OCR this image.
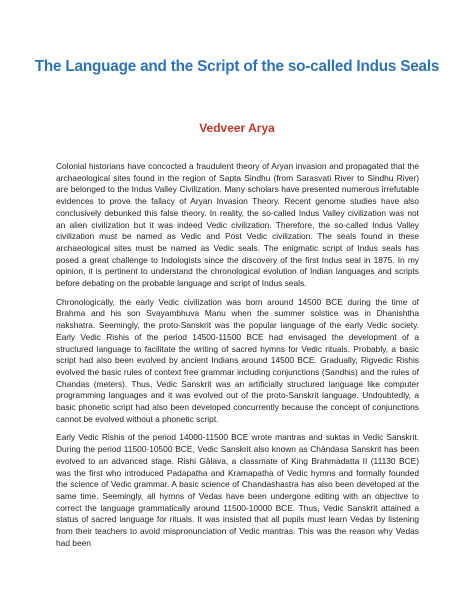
The Language and the Script of the so-called Indus Seals
Vedveer Arya

Colonial historians have concocted a fraudulent theory of Aryan invasion and propagated that the archaeological sites found in the region of Sapta Sindhu (from Sarasvati River to Sindhu River) are belonged to the Indus Valley Civilization. Many scholars have presented numerous irrefutable evidences to prove the fallacy of Aryan Invasion Theory. Recent genome studies have also conclusively debunked this false theory. In reality, the so-called Indus Valley civilization was not an alien civilization but it was indeed Vedic civilization. Therefore, the so-called Indus Valley civilization must be named as Vedic and Post Vedic civilization. The seals found in these archaeological sites must be named as Vedic seals. The enigmatic script of Indus seals has posed a great challenge to Indologists since the discovery of the first Indus seal in 1875. In my opinion, it is pertinent to understand the chronological evolution of Indian languages and scripts before debating on the probable language and script of Indus seals.

Chronologically, the early Vedic civilization was born around 14500 BCE during the time of Brahma and his son Svayambhuva Manu when the summer solstice was in Dhanishtha nakshatra. Seemingly, the proto-Sanskrit was the popular language of the early Vedic society. Early Vedic Rishis of the period 14500-11500 BCE had envisaged the development of a structured language to facilitate the writing of sacred hymns for Vedic rituals. Probably, a basic script had also been evolved by ancient Indians around 14500 BCE. Gradually, Rigvedic Rishis evolved the basic rules of context free grammar including conjunctions (Sandhis) and the rules of Chandas (meters). Thus, Vedic Sanskrit was an artificially structured language like computer programming languages and it was evolved out of the proto-Sanskrit language. Undoubtedly, a basic phonetic script had also been developed concurrently because the concept of conjunctions cannot be evolved without a phonetic script.

Early Vedic Rishis of the period 14000-11500 BCE wrote mantras and suktas in Vedic Sanskrit. During the period 11500-10500 BCE, Vedic Sanskrit also known as Chāndasa Sanskrit has been evolved to an advanced stage. Rishi Gālava, a classmate of King Brahmadatta II (11130 BCE) was the first who introduced Padapatha and Kramapatha of Vedic hymns and formally founded the science of Vedic grammar. A basic science of Chandashastra has also been developed at the same time. Seemingly, all hymns of Vedas have been undergone editing with an objective to correct the language grammatically around 11500-10000 BCE. Thus, Vedic Sanskrit attained a status of sacred language for rituals. It was insisted that all pupils must learn Vedas by listening from their teachers to avoid mispronunciation of Vedic mantras. This was the reason why Vedas had been
